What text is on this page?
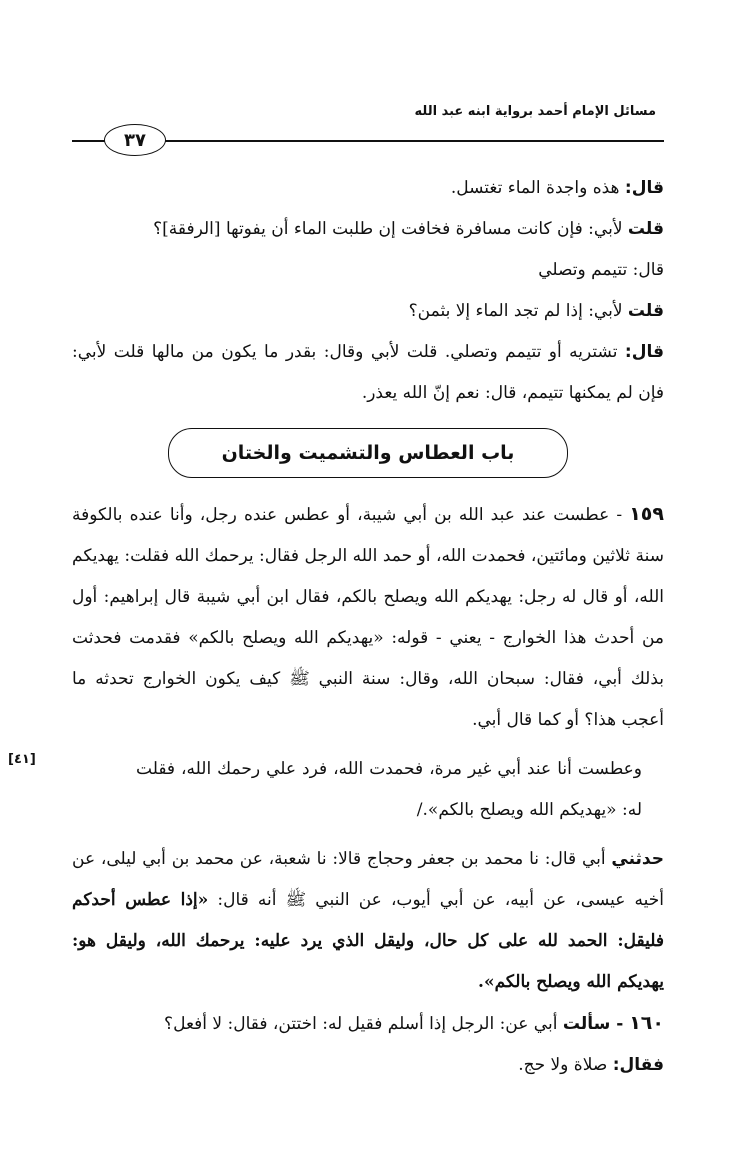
مسائل الإمام أحمد برواية ابنه عبد الله
٣٧
[٤١]

قال: هذه واجدة الماء تغتسل.

قلت لأبي: فإن كانت مسافرة فخافت إن طلبت الماء أن يفوتها [الرفقة]؟

قال: تتيمم وتصلي

قلت لأبي: إذا لم تجد الماء إلا بثمن؟

قال: تشتريه أو تتيمم وتصلي. قلت لأبي وقال: بقدر ما يكون من مالها قلت لأبي: فإن لم يمكنها تتيمم، قال: نعم إنّ الله يعذر.

باب العطاس والتشميت والختان

١٥٩ - عطست عند عبد الله بن أبي شيبة، أو عطس عنده رجل، وأنا عنده بالكوفة سنة ثلاثين ومائتين، فحمدت الله، أو حمد الله الرجل فقال: يرحمك الله فقلت: يهديكم الله، أو قال له رجل: يهديكم الله ويصلح بالكم، فقال ابن أبي شيبة قال إبراهيم: أول من أحدث هذا الخوارج - يعني - قوله: «يهديكم الله ويصلح بالكم» فقدمت فحدثت بذلك أبي، فقال: سبحان الله، وقال: سنة النبي ﷺ كيف يكون الخوارج تحدثه ما أعجب هذا؟ أو كما قال أبي.

وعطست أنا عند أبي غير مرة، فحمدت الله، فرد علي رحمك الله، فقلت له: «يهديكم الله ويصلح بالكم»./

حدثني أبي قال: نا محمد بن جعفر وحجاج قالا: نا شعبة، عن محمد بن أبي ليلى، عن أخيه عيسى، عن أبيه، عن أبي أيوب، عن النبي ﷺ أنه قال: «إذا عطس أحدكم فليقل: الحمد لله على كل حال، وليقل الذي يرد عليه: يرحمك الله، وليقل هو: يهديكم الله ويصلح بالكم».

١٦٠ - سألت أبي عن: الرجل إذا أسلم فقيل له: اختتن، فقال: لا أفعل؟

فقال: صلاة ولا حج.
